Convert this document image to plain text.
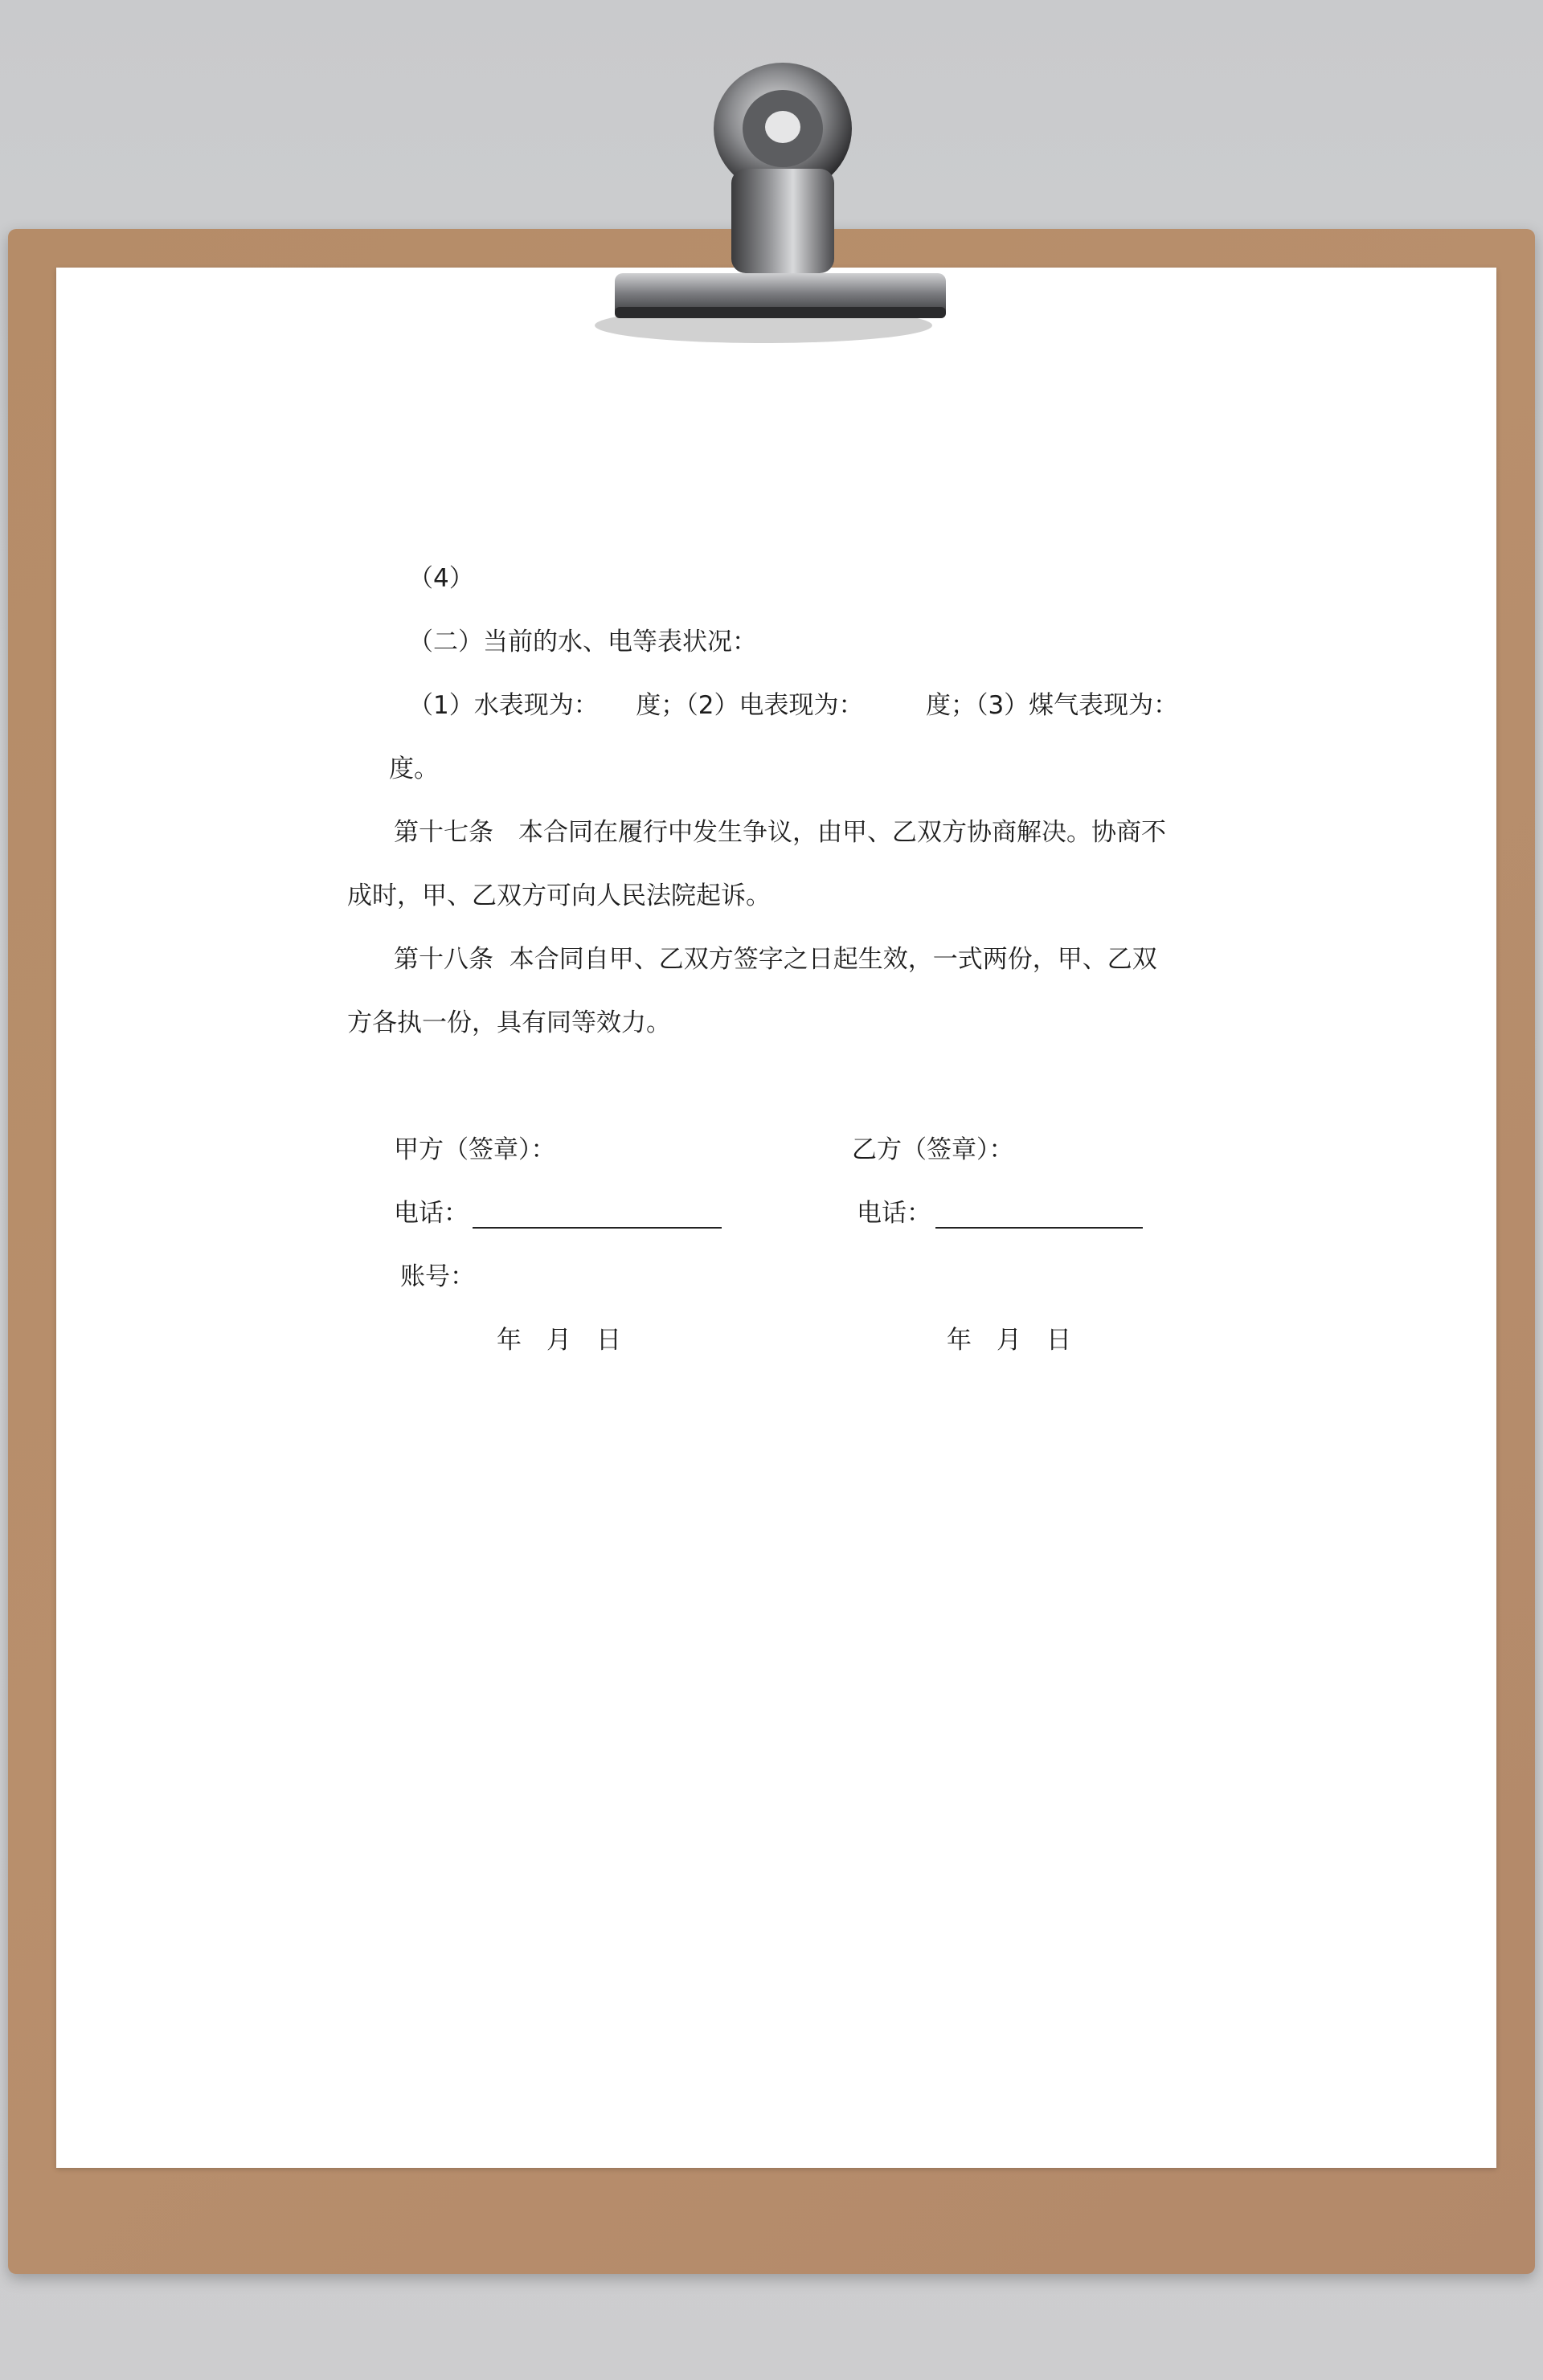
（4）
（二）当前的水、电等表状况：
（1）水表现为：　　度；（2）电表现为：　　　度；（3）煤气表现为：
度。
第十七条　本合同在履行中发生争议，由甲、乙双方协商解决。协商不
成时，甲、乙双方可向人民法院起诉。
第十八条  本合同自甲、乙双方签字之日起生效，一式两份，甲、乙双
方各执一份，具有同等效力。
甲方（签章）：	乙方（签章）：
电话：	电话：
账号：
年　月　日	年　月　日
